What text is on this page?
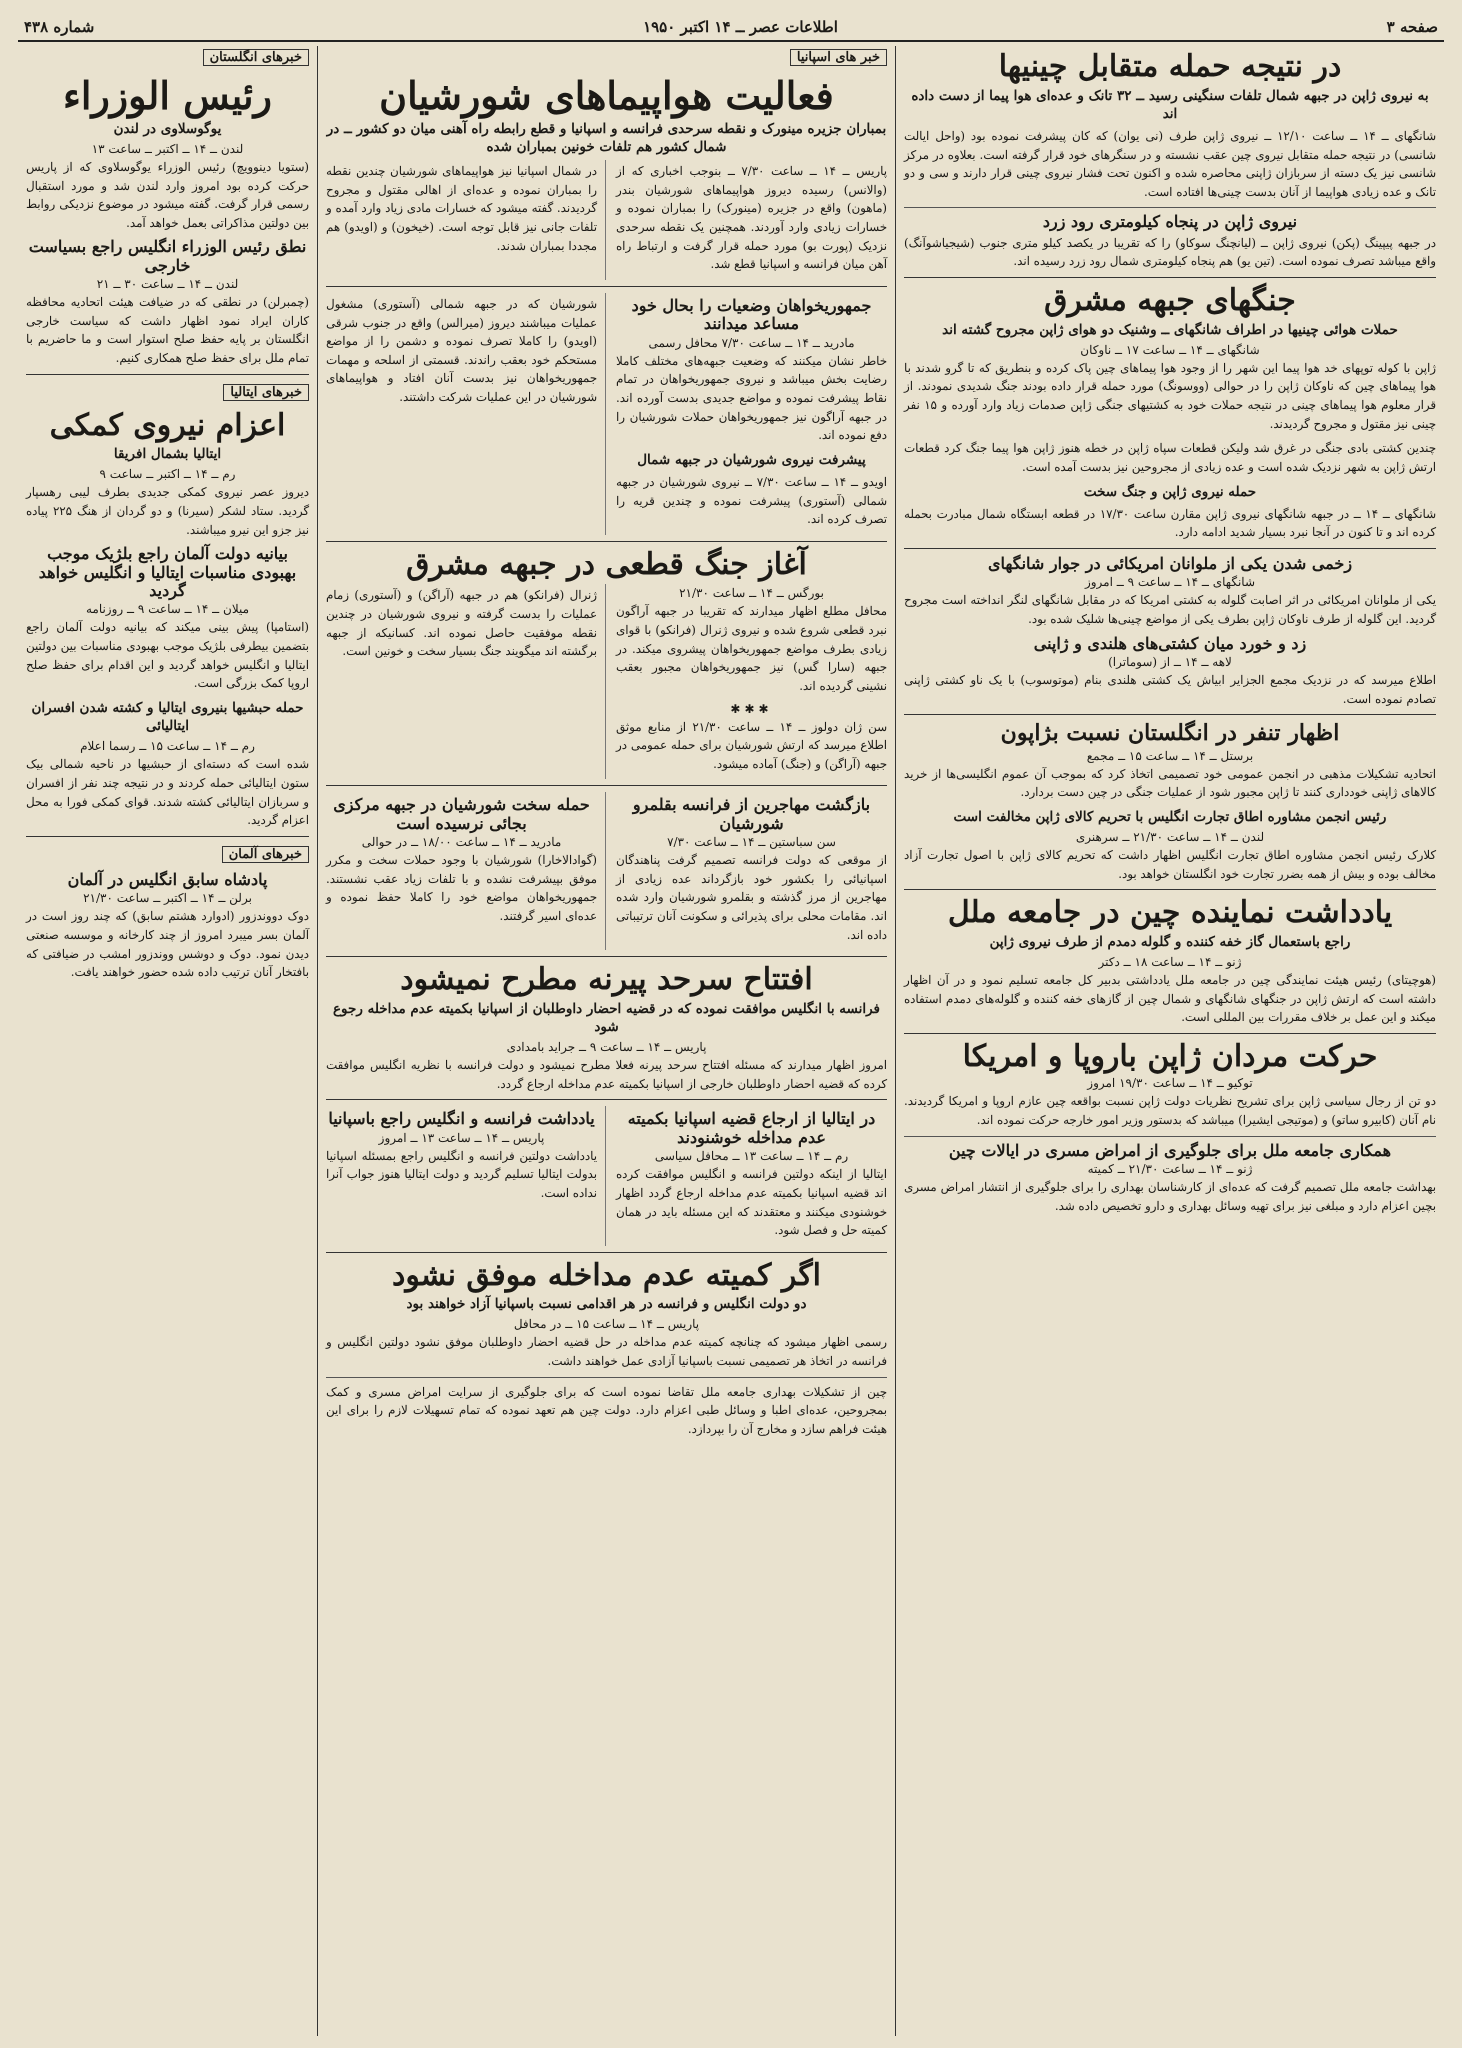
صفحه ۳
اطلاعات عصر ــ ۱۴ اکتبر ۱۹۵۰
شماره ۴۳۸
در نتیجه حمله متقابل چینیها
به نیروی ژاپن در جبهه شمال تلفات سنگینی رسید ــ ۳۲ تانک و عده‌ای هوا پیما از دست داده اند
شانگهای ــ ۱۴ ــ ساعت ۱۲/۱۰ ــ نیروی ژاپن طرف (نی یوان) که کان پیشرفت نموده بود (واحل ایالت شانسی) در نتیجه حمله متقابل نیروی چین عقب نشسته و در سنگرهای خود قرار گرفته است. بعلاوه در مرکز شانسی نیز یک دسته از سربازان ژاپنی محاصره شده و اکنون تحت فشار نیروی چینی قرار دارند و سی و دو تانک و عده زیادی هواپیما از آنان بدست چینی‌ها افتاده است.
نیروی ژاپن در پنجاه کیلومتری رود زرد
در جبهه پیپینگ (پکن) نیروی ژاپن ــ (لیانچنگ سوکاو) را که تقریبا در یکصد کیلو متری جنوب (شیجیاشوآنگ) واقع میباشد تصرف نموده است. (تین یو) هم پنجاه کیلومتری شمال رود زرد رسیده اند.
جنگهای جبهه مشرق
حملات هوائی چینیها در اطراف شانگهای ــ وشنیک دو هوای ژاپن مجروح گشته اند
شانگهای ــ ۱۴ ــ ساعت ۱۷ ــ ناوکان
ژاپن با کوله توپهای خد هوا پیما این شهر را از وجود هوا پیماهای چین پاک کرده و بنطریق که تا گرو شدند با هوا پیماهای چین که ناوکان ژاپن را در حوالی (ووسونگ) مورد حمله قرار داده بودند جنگ شدیدی نمودند. از قرار معلوم هوا پیماهای چینی در نتیجه حملات خود به کشتیهای جنگی ژاپن صدمات زیاد وارد آورده و ۱۵ نفر چینی نیز مقتول و مجروح گردیدند.
چندین کشتی بادی جنگی در غرق شد ولیکن قطعات سپاه ژاپن در خطه هنوز ژاپن هوا پیما جنگ کرد قطعات ارتش ژاپن به شهر نزدیک شده است و عده زیادی از مجروحین نیز بدست آمده است.
حمله نیروی ژاپن و جنگ سخت
شانگهای ــ ۱۴ ــ در جبهه شانگهای نیروی ژاپن مقارن ساعت ۱۷/۳۰ در قطعه ابستگاه شمال مبادرت بحمله کرده اند و تا کنون در آنجا نبرد بسیار شدید ادامه دارد.
زخمی شدن یکی از ملوانان امریکائی در جوار شانگهای
شانگهای ــ ۱۴ ــ ساعت ۹ ــ امروز
یکی از ملوانان امریکائی در اثر اصابت گلوله به کشتی امریکا که در مقابل شانگهای لنگر انداخته است مجروح گردید. این گلوله از طرف ناوکان ژاپن بطرف یکی از مواضع چینی‌ها شلیک شده بود.
زد و خورد میان کشتی‌های هلندی و ژاپنی
لاهه ــ ۱۴ ــ از (سوماترا)
اطلاع میرسد که در نزدیک مجمع الجزایر ابیاش یک کشتی هلندی بنام (موتوسوب) با یک ناو کشتی ژاپنی تصادم نموده است.
اظهار تنفر در انگلستان نسبت بژاپون
برستل ــ ۱۴ ــ ساعت ۱۵ ــ مجمع
اتحادیه تشکیلات مذهبی در انجمن عمومی خود تصمیمی اتخاذ کرد که بموجب آن عموم انگلیسی‌ها از خرید کالاهای ژاپنی خودداری کنند تا ژاپن مجبور شود از عملیات جنگی در چین دست بردارد.
رئیس انجمن مشاوره اطاق تجارت انگلیس با تحریم کالای ژاپن مخالفت است
لندن ــ ۱۴ ــ ساعت ۲۱/۳۰ ــ سرهنری
کلارک رئیس انجمن مشاوره اطاق تجارت انگلیس اظهار داشت که تحریم کالای ژاپن با اصول تجارت آزاد مخالف بوده و بیش از همه بضرر تجارت خود انگلستان خواهد بود.
یادداشت نماینده چین در جامعه ملل
راجع باستعمال گاز خفه کننده و گلوله دمدم از طرف نیروی ژاپن
ژنو ــ ۱۴ ــ ساعت ۱۸ ــ دکتر
(هوچیتای) رئیس هیئت نمایندگی چین در جامعه ملل یادداشتی بدبیر کل جامعه تسلیم نمود و در آن اظهار داشته است که ارتش ژاپن در جنگهای شانگهای و شمال چین از گازهای خفه کننده و گلوله‌های دمدم استفاده میکند و این عمل بر خلاف مقررات بین المللی است.
حرکت مردان ژاپن باروپا و امریکا
توکیو ــ ۱۴ ــ ساعت ۱۹/۳۰ امروز
دو تن از رجال سیاسی ژاپن برای تشریح نظریات دولت ژاپن نسبت بواقعه چین عازم اروپا و امریکا گردیدند. نام آنان (کابیرو ساتو) و (موتیجی ایشیرا) میباشد که بدستور وزیر امور خارجه حرکت نموده اند.
همکاری جامعه ملل برای جلوگیری از امراض مسری در ایالات چین
ژنو ــ ۱۴ ــ ساعت ۲۱/۳۰ ــ کمیته
بهداشت جامعه ملل تصمیم گرفت که عده‌ای از کارشناسان بهداری را برای جلوگیری از انتشار امراض مسری بچین اعزام دارد و مبلغی نیز برای تهیه وسائل بهداری و دارو تخصیص داده شد.
خبر های اسپانیا
فعالیت هواپیماهای شورشیان
بمباران جزیره مینورک و نقطه سرحدی فرانسه و اسپانیا و قطع رابطه راه آهنی میان دو کشور ــ در شمال کشور هم تلفات خونین بمباران شده
پاریس ــ ۱۴ ــ ساعت ۷/۳۰ ــ بنوجب اخباری که از (والانس) رسیده دیروز هواپیماهای شورشیان بندر (ماهون) واقع در جزیره (مینورک) را بمباران نموده و خسارات زیادی وارد آوردند. همچنین یک نقطه سرحدی نزدیک (پورت بو) مورد حمله قرار گرفت و ارتباط راه آهن میان فرانسه و اسپانیا قطع شد.
در شمال اسپانیا نیز هواپیماهای شورشیان چندین نقطه را بمباران نموده و عده‌ای از اهالی مقتول و مجروح گردیدند. گفته میشود که خسارات مادی زیاد وارد آمده و تلفات جانی نیز قابل توجه است. (خیخون) و (اویدو) هم مجددا بمباران شدند.
جمهوریخواهان وضعیات را بحال خود مساعد میدانند
مادرید ــ ۱۴ ــ ساعت ۷/۳۰ محافل رسمی
خاطر نشان میکنند که وضعیت جبهه‌های مختلف کاملا رضایت بخش میباشد و نیروی جمهوریخواهان در تمام نقاط پیشرفت نموده و مواضع جدیدی بدست آورده اند. در جبهه آراگون نیز جمهوریخواهان حملات شورشیان را دفع نموده اند.
پیشرفت نیروی شورشیان در جبهه شمال
اویدو ــ ۱۴ ــ ساعت ۷/۳۰ ــ نیروی شورشیان در جبهه شمالی (آستوری) پیشرفت نموده و چندین قریه را تصرف کرده اند.
شورشیان که در جبهه شمالی (آستوری) مشغول عملیات میباشند دیروز (میرالس) واقع در جنوب شرقی (اویدو) را کاملا تصرف نموده و دشمن را از مواضع مستحکم خود بعقب راندند. قسمتی از اسلحه و مهمات جمهوریخواهان نیز بدست آنان افتاد و هواپیماهای شورشیان در این عملیات شرکت داشتند.
آغاز جنگ قطعی در جبهه مشرق
بورگس ــ ۱۴ ــ ساعت ۲۱/۳۰
محافل مطلع اظهار میدارند که تقریبا در جبهه آراگون نبرد قطعی شروع شده و نیروی ژنرال (فرانکو) با قوای زیادی بطرف مواضع جمهوریخواهان پیشروی میکند. در جبهه (سارا گس) نیز جمهوریخواهان مجبور بعقب نشینی گردیده اند.
✱✱✱
سن ژان دولوز ــ ۱۴ ــ ساعت ۲۱/۳۰ از منابع موثق اطلاع میرسد که ارتش شورشیان برای حمله عمومی در جبهه (آراگن) و (جنگ) آماده میشود.
ژنرال (فرانکو) هم در جبهه (آراگن) و (آستوری) زمام عملیات را بدست گرفته و نیروی شورشیان در چندین نقطه موفقیت حاصل نموده اند. کسانیکه از جبهه برگشته اند میگویند جنگ بسیار سخت و خونین است.
بازگشت مهاجرین از فرانسه بقلمرو شورشیان
سن سباستین ــ ۱۴ ــ ساعت ۷/۳۰
از موقعی که دولت فرانسه تصمیم گرفت پناهندگان اسپانیائی را بکشور خود بازگرداند عده زیادی از مهاجرین از مرز گذشته و بقلمرو شورشیان وارد شده اند. مقامات محلی برای پذیرائی و سکونت آنان ترتیباتی داده اند.
حمله سخت شورشیان در جبهه مرکزی بجائی نرسیده است
مادرید ــ ۱۴ ــ ساعت ۱۸/۰۰ ــ در حوالی
(گوادالاخارا) شورشیان با وجود حملات سخت و مکرر موفق بپیشرفت نشده و با تلفات زیاد عقب نشستند. جمهوریخواهان مواضع خود را کاملا حفظ نموده و عده‌ای اسیر گرفتند.
افتتاح سرحد پیرنه مطرح نمیشود
فرانسه با انگلیس موافقت نموده که در قضیه احضار داوطلبان از اسپانیا بکمیته عدم مداخله رجوع شود
پاریس ــ ۱۴ ــ ساعت ۹ ــ جراید بامدادی
امروز اظهار میدارند که مسئله افتتاح سرحد پیرنه فعلا مطرح نمیشود و دولت فرانسه با نظریه انگلیس موافقت کرده که قضیه احضار داوطلبان خارجی از اسپانیا بکمیته عدم مداخله ارجاع گردد.
در ایتالیا از ارجاع قضیه اسپانیا بکمیته عدم مداخله خوشنودند
رم ــ ۱۴ ــ ساعت ۱۳ ــ محافل سیاسی
ایتالیا از اینکه دولتین فرانسه و انگلیس موافقت کرده اند قضیه اسپانیا بکمیته عدم مداخله ارجاع گردد اظهار خوشنودی میکنند و معتقدند که این مسئله باید در همان کمیته حل و فصل شود.
یادداشت فرانسه و انگلیس راجع باسپانیا
پاریس ــ ۱۴ ــ ساعت ۱۳ ــ امروز
یادداشت دولتین فرانسه و انگلیس راجع بمسئله اسپانیا بدولت ایتالیا تسلیم گردید و دولت ایتالیا هنوز جواب آنرا نداده است.
اگر کمیته عدم مداخله موفق نشود
دو دولت انگلیس و فرانسه در هر اقدامی نسبت باسپانیا آزاد خواهند بود
پاریس ــ ۱۴ ــ ساعت ۱۵ ــ در محافل
رسمی اظهار میشود که چنانچه کمیته عدم مداخله در حل قضیه احضار داوطلبان موفق نشود دولتین انگلیس و فرانسه در اتخاذ هر تصمیمی نسبت باسپانیا آزادی عمل خواهند داشت.
چین از تشکیلات بهداری جامعه ملل تقاضا نموده است که برای جلوگیری از سرایت امراض مسری و کمک بمجروحین، عده‌ای اطبا و وسائل طبی اعزام دارد. دولت چین هم تعهد نموده که تمام تسهیلات لازم را برای این هیئت فراهم سازد و مخارج آن را بپردازد.
خبرهای انگلستان
رئیس الوزراء
یوگوسلاوی در لندن
لندن ــ ۱۴ ــ اکتبر ــ ساعت ۱۳
(ستویا دینوویچ) رئیس الوزراء یوگوسلاوی که از پاریس حرکت کرده بود امروز وارد لندن شد و مورد استقبال رسمی قرار گرفت. گفته میشود در موضوع نزدیکی روابط بین دولتین مذاکراتی بعمل خواهد آمد.
نطق رئیس الوزراء انگلیس راجع بسیاست خارجی
لندن ــ ۱۴ ــ ساعت ۳۰ ــ ۲۱
(چمبرلن) در نطقی که در ضیافت هیئت اتحادیه محافظه کاران ایراد نمود اظهار داشت که سیاست خارجی انگلستان بر پایه حفظ صلح استوار است و ما حاضریم با تمام ملل برای حفظ صلح همکاری کنیم.
خبرهای ایتالیا
اعزام نیروی کمکی
ایتالیا بشمال افریقا
رم ــ ۱۴ ــ اکتبر ــ ساعت ۹
دیروز عصر نیروی کمکی جدیدی بطرف لیبی رهسپار گردید. ستاد لشکر (سیرنا) و دو گردان از هنگ ۲۲۵ پیاده نیز جزو این نیرو میباشند.
بیانیه دولت آلمان راجع بلژیک موجب بهبودی مناسبات ایتالیا و انگلیس خواهد گردید
میلان ــ ۱۴ ــ ساعت ۹ ــ روزنامه
(استامپا) پیش بینی میکند که بیانیه دولت آلمان راجع بتضمین بیطرفی بلژیک موجب بهبودی مناسبات بین دولتین ایتالیا و انگلیس خواهد گردید و این اقدام برای حفظ صلح اروپا کمک بزرگی است.
حمله حبشیها بنیروی ایتالیا و کشته شدن افسران ایتالیائی
رم ــ ۱۴ ــ ساعت ۱۵ ــ رسما اعلام
شده است که دسته‌ای از حبشیها در ناحیه شمالی بیک ستون ایتالیائی حمله کردند و در نتیجه چند نفر از افسران و سربازان ایتالیائی کشته شدند. قوای کمکی فورا به محل اعزام گردید.
خبرهای آلمان
پادشاه سابق انگلیس در آلمان
برلن ــ ۱۴ ــ اکتبر ــ ساعت ۲۱/۳۰
دوک دووندزور (ادوارد هشتم سابق) که چند روز است در آلمان بسر میبرد امروز از چند کارخانه و موسسه صنعتی دیدن نمود. دوک و دوشس ووندزور امشب در ضیافتی که بافتخار آنان ترتیب داده شده حضور خواهند یافت.
